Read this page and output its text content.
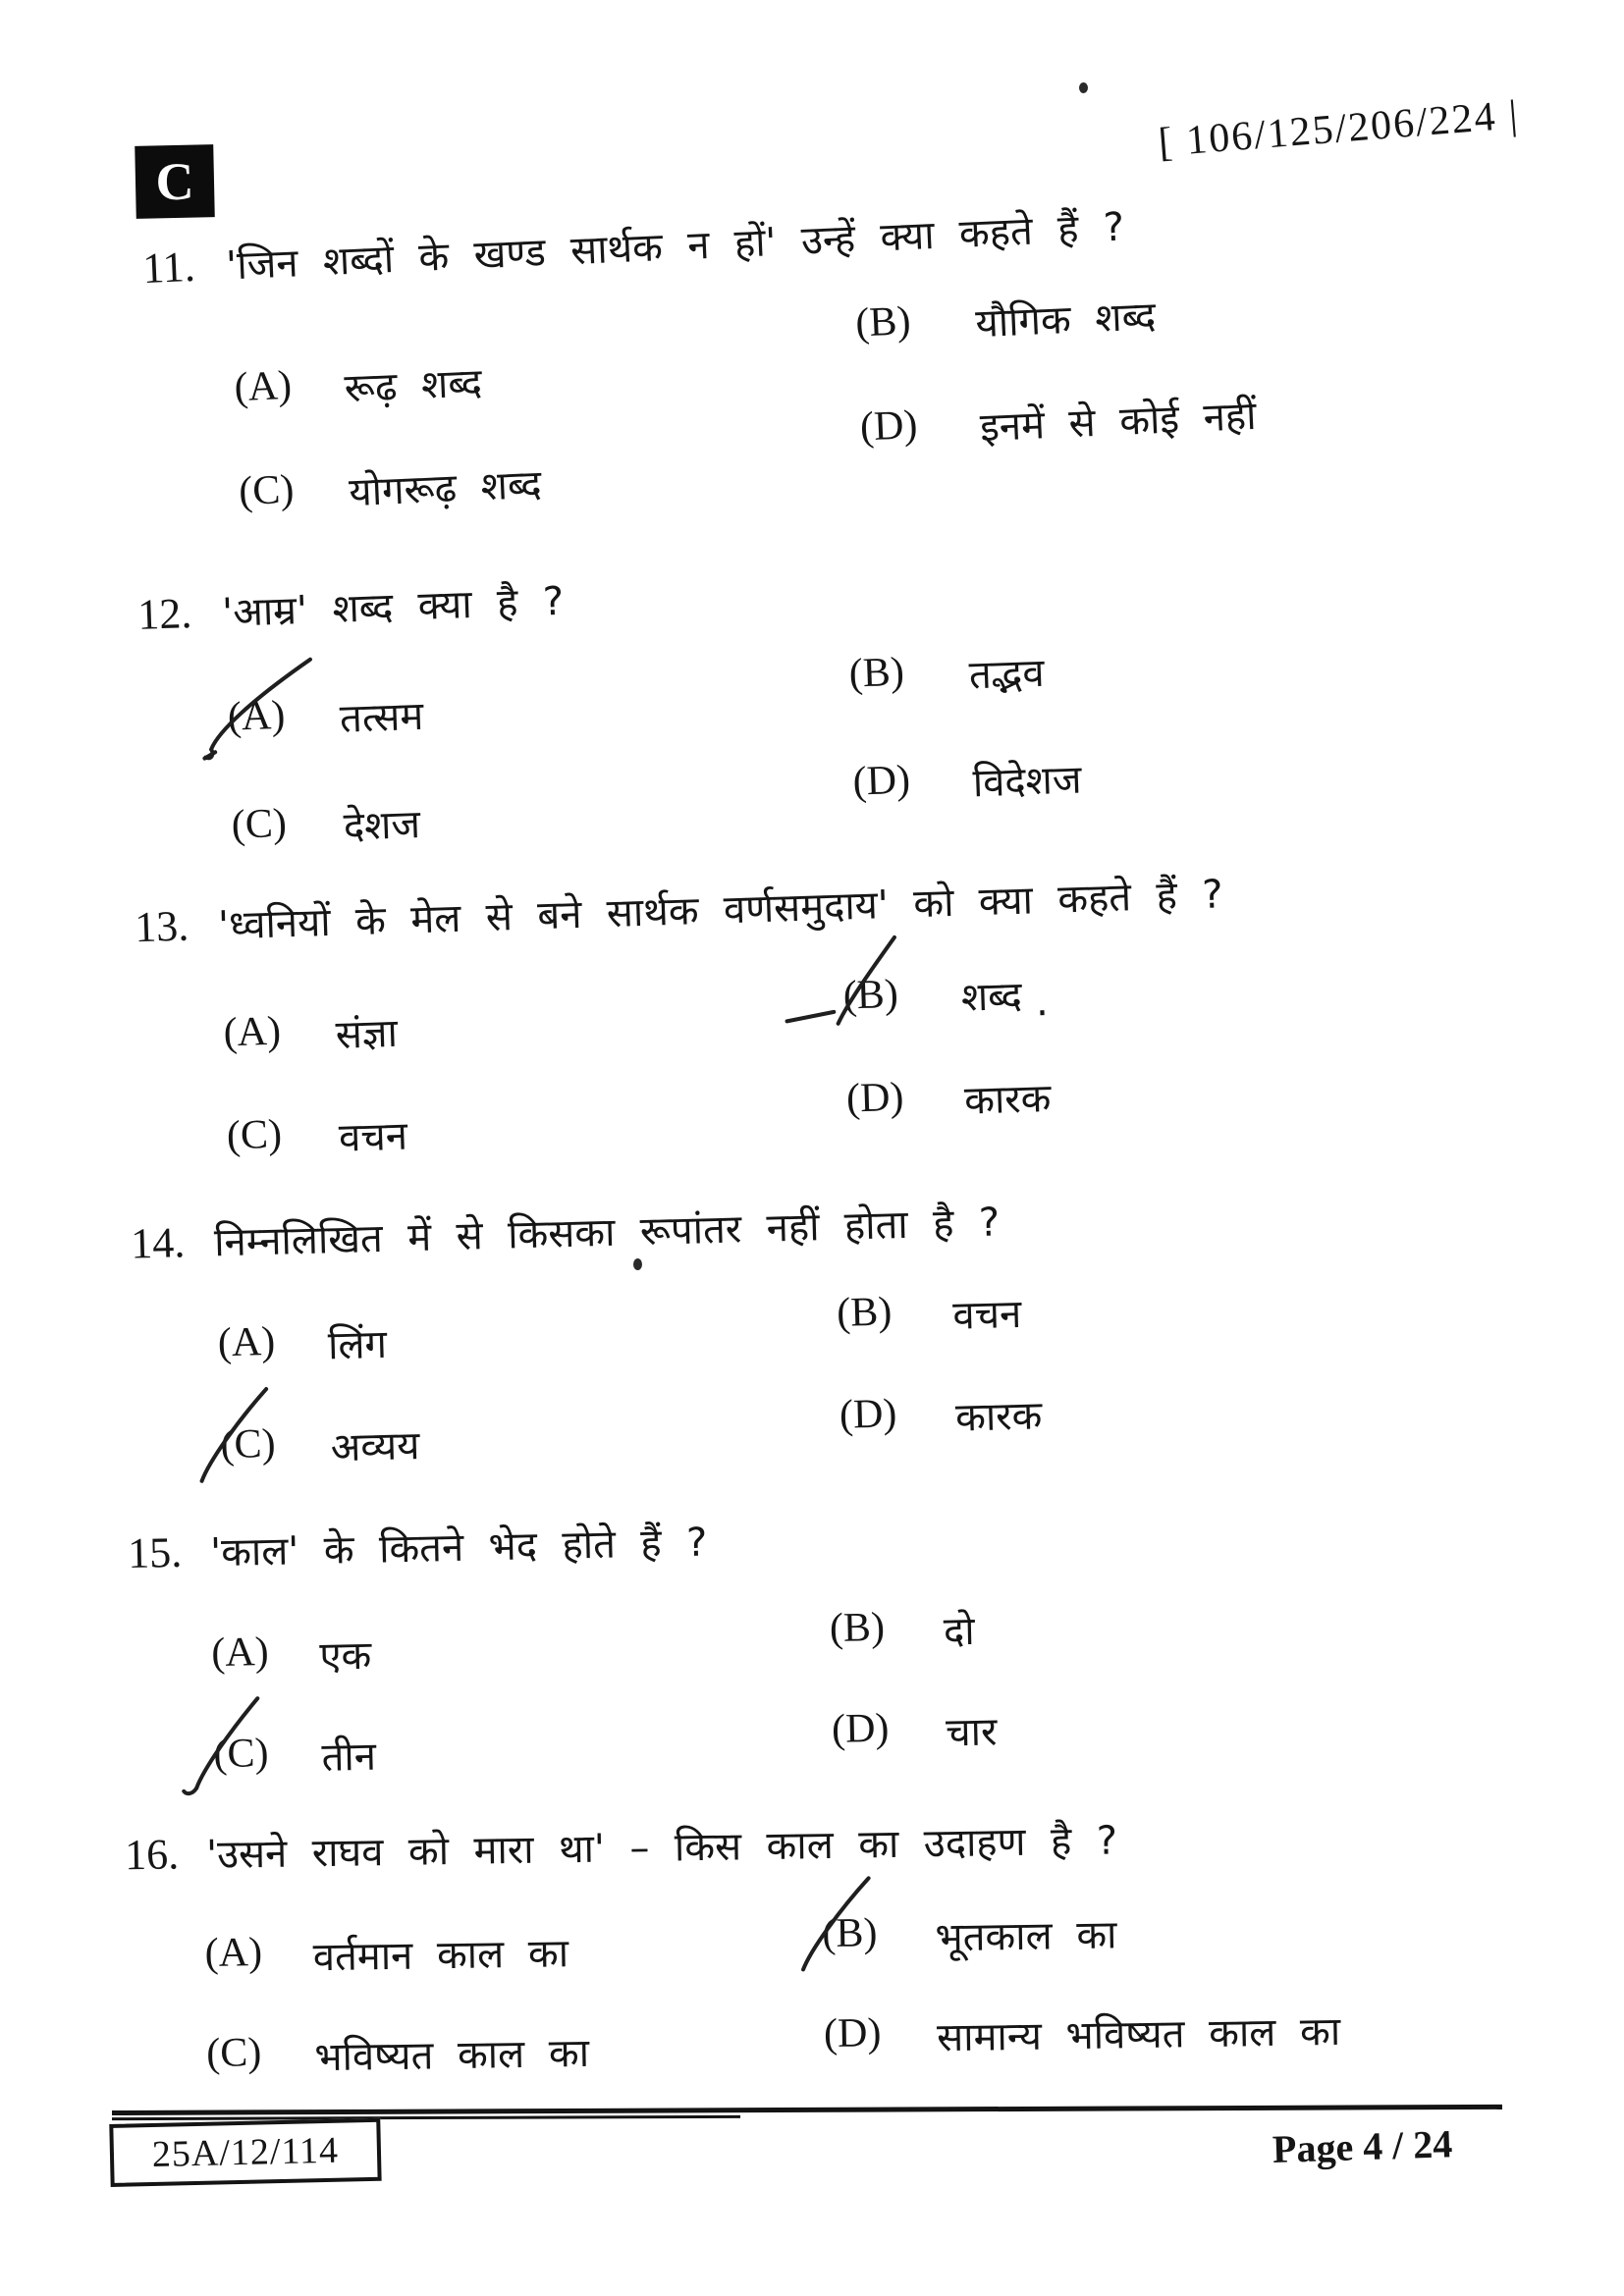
[ 106/125/206/224 |
C
11. 'जिन शब्दों के खण्ड सार्थक न हों' उन्हें क्या कहते हैं ?
(A) रूढ़ शब्द
(B) यौगिक शब्द
(C) योगरूढ़ शब्द
(D) इनमें से कोई नहीं
12. 'आम्र' शब्द क्या है ?
(A) तत्सम
(B) तद्भव
(C) देशज
(D) विदेशज
13. 'ध्वनियों के मेल से बने सार्थक वर्णसमुदाय' को क्या कहते हैं ?
(A) संज्ञा
(B) शब्द .
(C) वचन
(D) कारक
14. निम्नलिखित में से किसका रूपांतर नहीं होता है ?
(A) लिंग
(B) वचन
(C) अव्यय
(D) कारक
15. 'काल' के कितने भेद होते हैं ?
(A) एक
(B) दो
(C) तीन
(D) चार
16. 'उसने राघव को मारा था' – किस काल का उदाहण है ?
(A) वर्तमान काल का	(B) भूतकाल का
(C) भविष्यत काल का	(D) सामान्य भविष्यत काल का
25A/12/114	Page 4 / 24
